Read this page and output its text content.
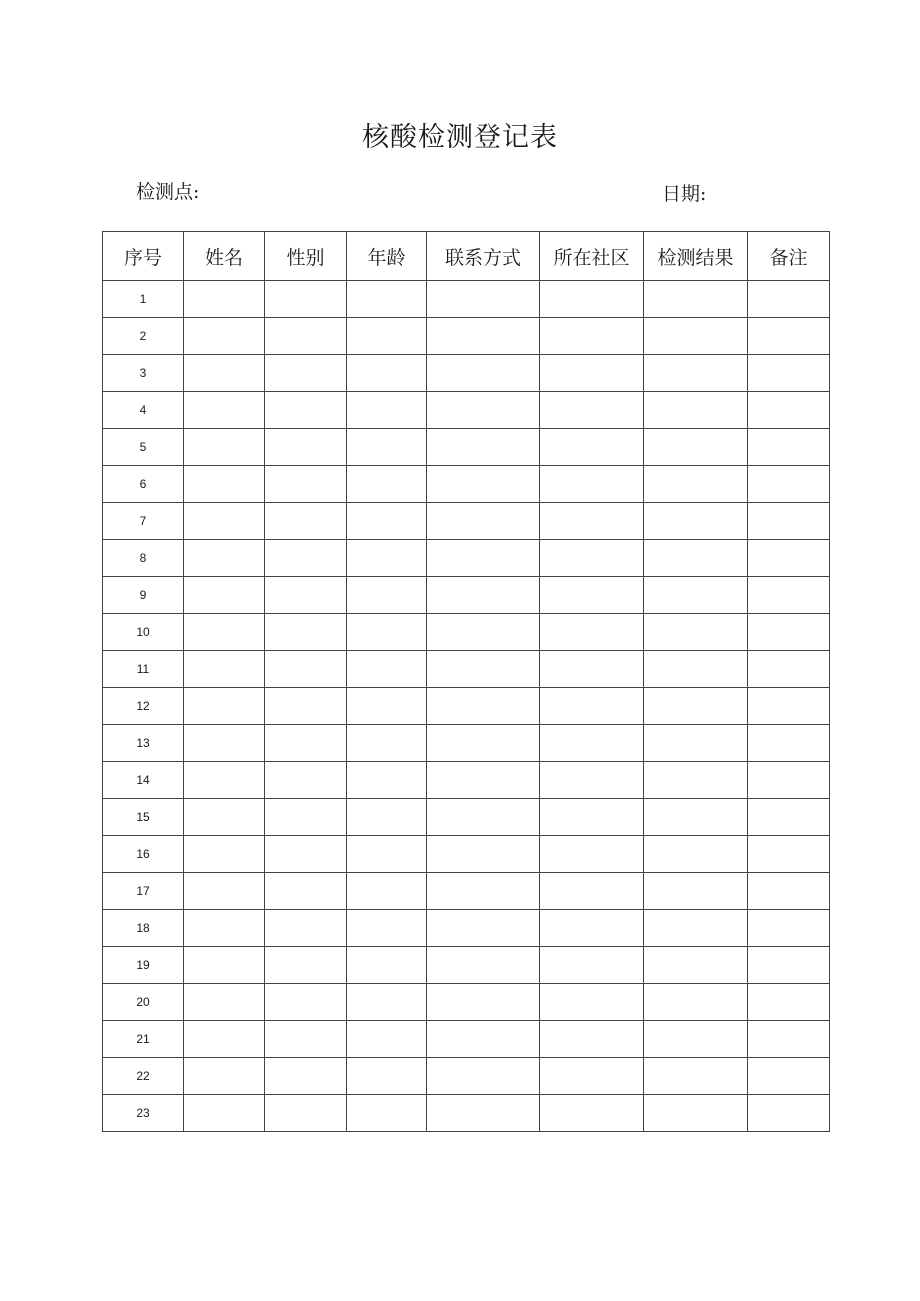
核酸检测登记表
检测点:	日期:
序号	姓名	性别	年龄	联系方式	所在社区	检测结果	备注
1							
2							
3							
4							
5							
6							
7							
8							
9							
10							
11							
12							
13							
14							
15							
16							
17							
18							
19							
20							
21							
22							
23							
